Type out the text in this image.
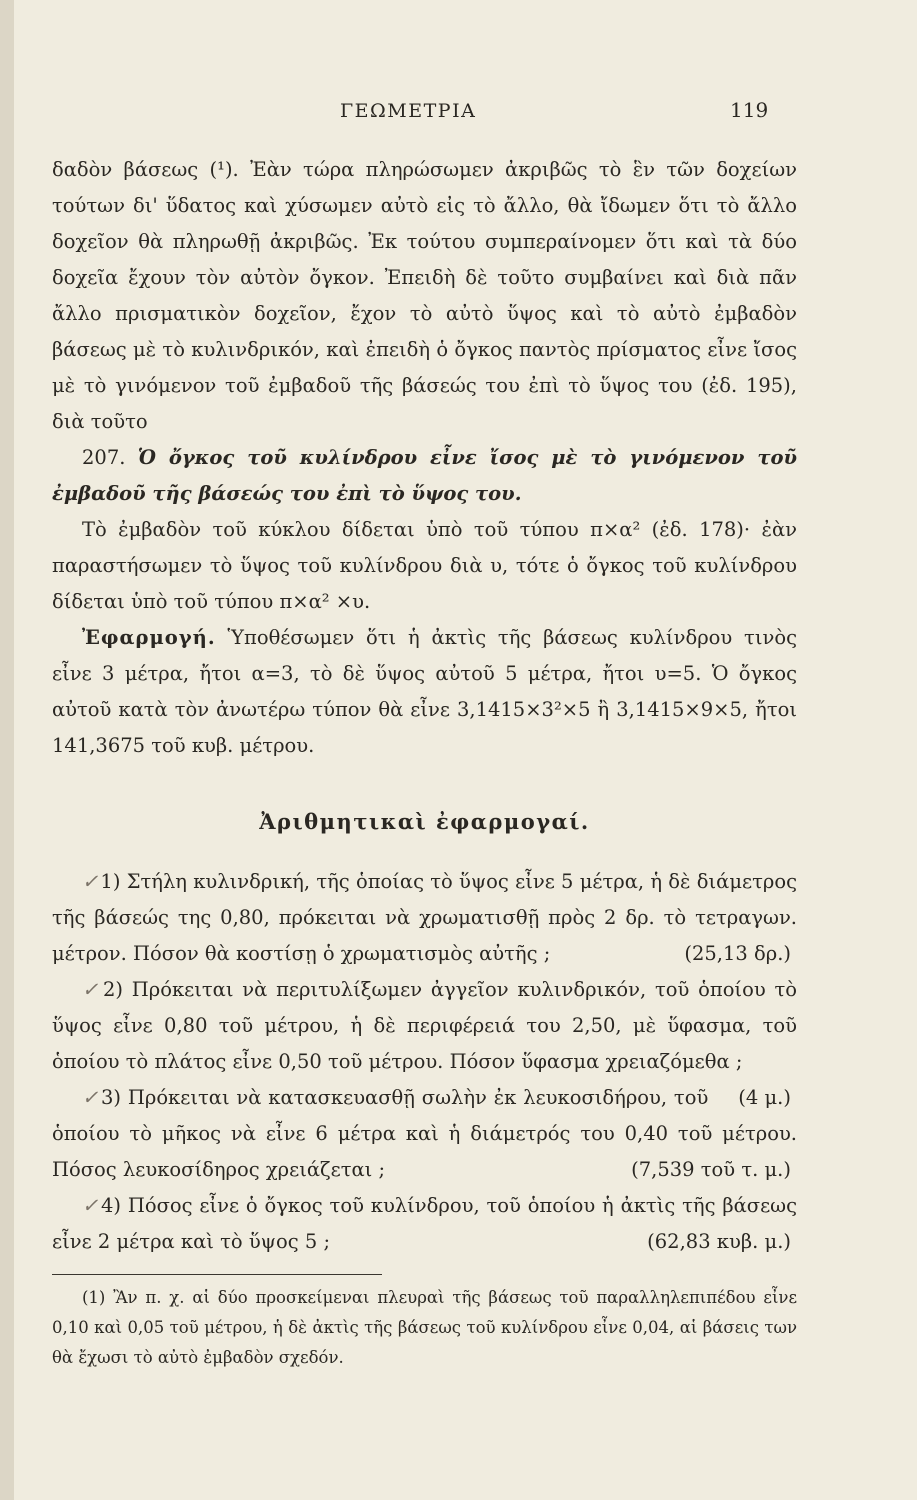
ΓΕΩΜΕΤΡΙΑ	119

δαδὸν βάσεως (¹). Ἐὰν τώρα πληρώσωμεν ἀκριβῶς τὸ ἓν τῶν δοχείων τούτων δι' ὕδατος καὶ χύσωμεν αὐτὸ εἰς τὸ ἄλλο, θὰ ἴδωμεν ὅτι τὸ ἄλλο δοχεῖον θὰ πληρωθῇ ἀκριβῶς. Ἐκ τούτου συμπεραίνομεν ὅτι καὶ τὰ δύο δοχεῖα ἔχουν τὸν αὐτὸν ὄγκον. Ἐπειδὴ δὲ τοῦτο συμβαίνει καὶ διὰ πᾶν ἄλλο πρισματικὸν δοχεῖον, ἔχον τὸ αὐτὸ ὕψος καὶ τὸ αὐτὸ ἐμβαδὸν βάσεως μὲ τὸ κυλινδρικόν, καὶ ἐπειδὴ ὁ ὄγκος παντὸς πρίσματος εἶνε ἴσος μὲ τὸ γινόμενον τοῦ ἐμβαδοῦ τῆς βάσεώς του ἐπὶ τὸ ὕψος του (ἐδ. 195), διὰ τοῦτο

207. Ὁ ὄγκος τοῦ κυλίνδρου εἶνε ἴσος μὲ τὸ γινόμενον τοῦ ἐμβαδοῦ τῆς βάσεώς του ἐπὶ τὸ ὕψος του.

Τὸ ἐμβαδὸν τοῦ κύκλου δίδεται ὑπὸ τοῦ τύπου π×α² (ἐδ. 178)· ἐὰν παραστήσωμεν τὸ ὕψος τοῦ κυλίνδρου διὰ υ, τότε ὁ ὄγκος τοῦ κυλίνδρου δίδεται ὑπὸ τοῦ τύπου π×α² ×υ.

Ἐφαρμογή. Ὑποθέσωμεν ὅτι ἡ ἀκτὶς τῆς βάσεως κυλίνδρου τινὸς εἶνε 3 μέτρα, ἤτοι α=3, τὸ δὲ ὕψος αὐτοῦ 5 μέτρα, ἤτοι υ=5. Ὁ ὄγκος αὐτοῦ κατὰ τὸν ἀνωτέρω τύπον θὰ εἶνε 3,1415×3²×5 ἢ 3,1415×9×5, ἤτοι 141,3675 τοῦ κυβ. μέτρου.

Ἀριθμητικαὶ ἐφαρμογαί.

✓ 1) Στήλη κυλινδρική, τῆς ὁποίας τὸ ὕψος εἶνε 5 μέτρα, ἡ δὲ διάμετρος τῆς βάσεώς της 0,80, πρόκειται νὰ χρωματισθῇ πρὸς 2 δρ. τὸ τετραγων. μέτρον. Πόσον θὰ κοστίσῃ ὁ χρωματισμὸς αὐτῆς ;	(25,13 δρ.)

✓ 2) Πρόκειται νὰ περιτυλίξωμεν ἀγγεῖον κυλινδρικόν, τοῦ ὁποίου τὸ ὕψος εἶνε 0,80 τοῦ μέτρου, ἡ δὲ περιφέρειά του 2,50, μὲ ὕφασμα, τοῦ ὁποίου τὸ πλάτος εἶνε 0,50 τοῦ μέτρου. Πόσον ὕφασμα χρειαζόμεθα ;
(4 μ.)

✓ 3) Πρόκειται νὰ κατασκευασθῇ σωλὴν ἐκ λευκοσιδήρου, τοῦ ὁποίου τὸ μῆκος νὰ εἶνε 6 μέτρα καὶ ἡ διάμετρός του 0,40 τοῦ μέτρου. Πόσος λευκοσίδηρος χρειάζεται ;	(7,539 τοῦ τ. μ.)

✓ 4) Πόσος εἶνε ὁ ὄγκος τοῦ κυλίνδρου, τοῦ ὁποίου ἡ ἀκτὶς τῆς βάσεως εἶνε 2 μέτρα καὶ τὸ ὕψος 5 ;	(62,83 κυβ. μ.)

(1) Ἂν π. χ. αἱ δύο προσκείμεναι πλευραὶ τῆς βάσεως τοῦ παραλληλεπιπέδου εἶνε 0,10 καὶ 0,05 τοῦ μέτρου, ἡ δὲ ἀκτὶς τῆς βάσεως τοῦ κυλίνδρου εἶνε 0,04, αἱ βάσεις των θὰ ἔχωσι τὸ αὐτὸ ἐμβαδὸν σχεδόν.
